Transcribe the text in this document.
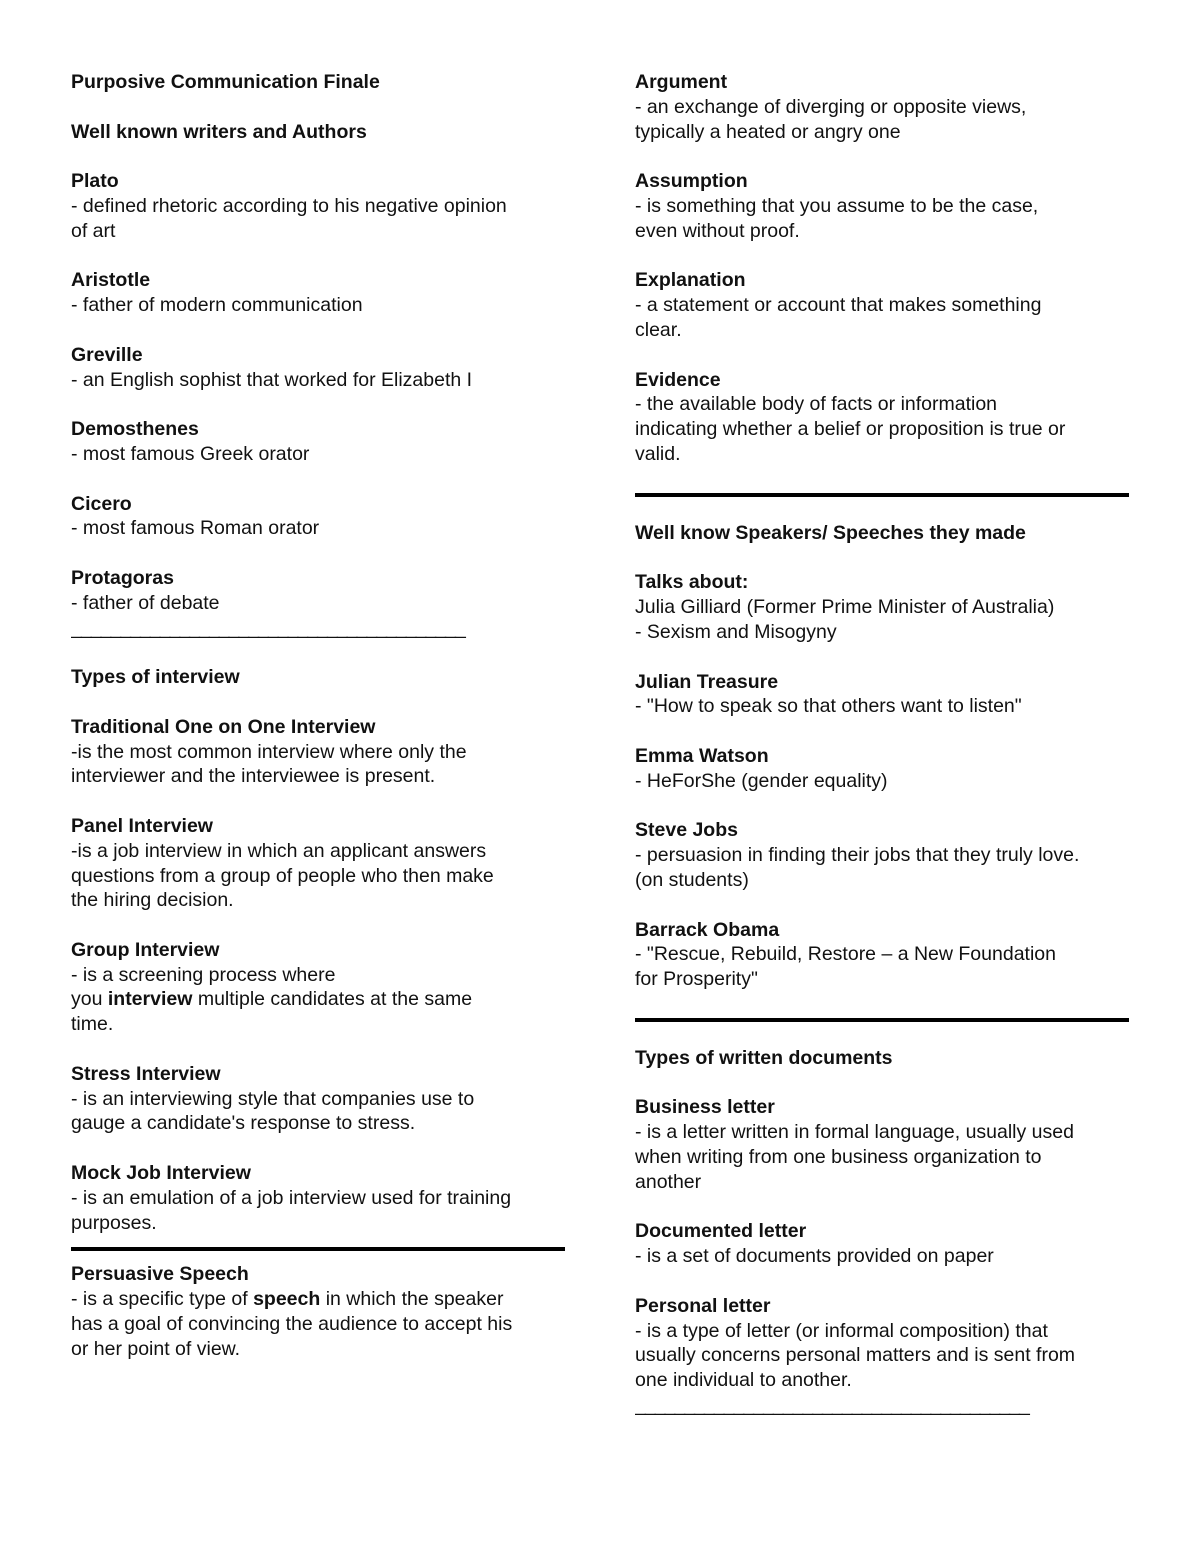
Purposive Communication Finale

Well known writers and Authors

Plato

- defined rhetoric according to his negative opinion

of art

Aristotle

- father of modern communication

Greville

- an English sophist that worked for Elizabeth I

Demosthenes

- most famous Greek orator

Cicero

- most famous Roman orator

Protagoras

- father of debate

________________________________________

Types of interview

Traditional One on One Interview

-is the most common interview where only the

interviewer and the interviewee is present.

Panel Interview

-is a job interview in which an applicant answers

questions from a group of people who then make

the hiring decision.

Group Interview

- is a screening process where

you interview multiple candidates at the same

time.

Stress Interview

- is an interviewing style that companies use to

gauge a candidate's response to stress.

Mock Job Interview

- is an emulation of a job interview used for training

purposes.

Persuasive Speech

- is a specific type of speech in which the speaker

has a goal of convincing the audience to accept his

or her point of view.

Argument

- an exchange of diverging or opposite views,

typically a heated or angry one

Assumption

- is something that you assume to be the case,

even without proof.

Explanation

- a statement or account that makes something

clear.

Evidence

- the available body of facts or information

indicating whether a belief or proposition is true or

valid.

Well know Speakers/ Speeches they made

Talks about:

Julia Gilliard (Former Prime Minister of Australia)

- Sexism and Misogyny

Julian Treasure

- "How to speak so that others want to listen"

Emma Watson

- HeForShe (gender equality)

Steve Jobs

- persuasion in finding their jobs that they truly love.

(on students)

Barrack Obama

- "Rescue, Rebuild, Restore – a New Foundation

for Prosperity"

Types of written documents

Business letter

- is a letter written in formal language, usually used

when writing from one business organization to

another

Documented letter

- is a set of documents provided on paper

Personal letter

- is a type of letter (or informal composition) that

usually concerns personal matters and is sent from

one individual to another.

________________________________________
